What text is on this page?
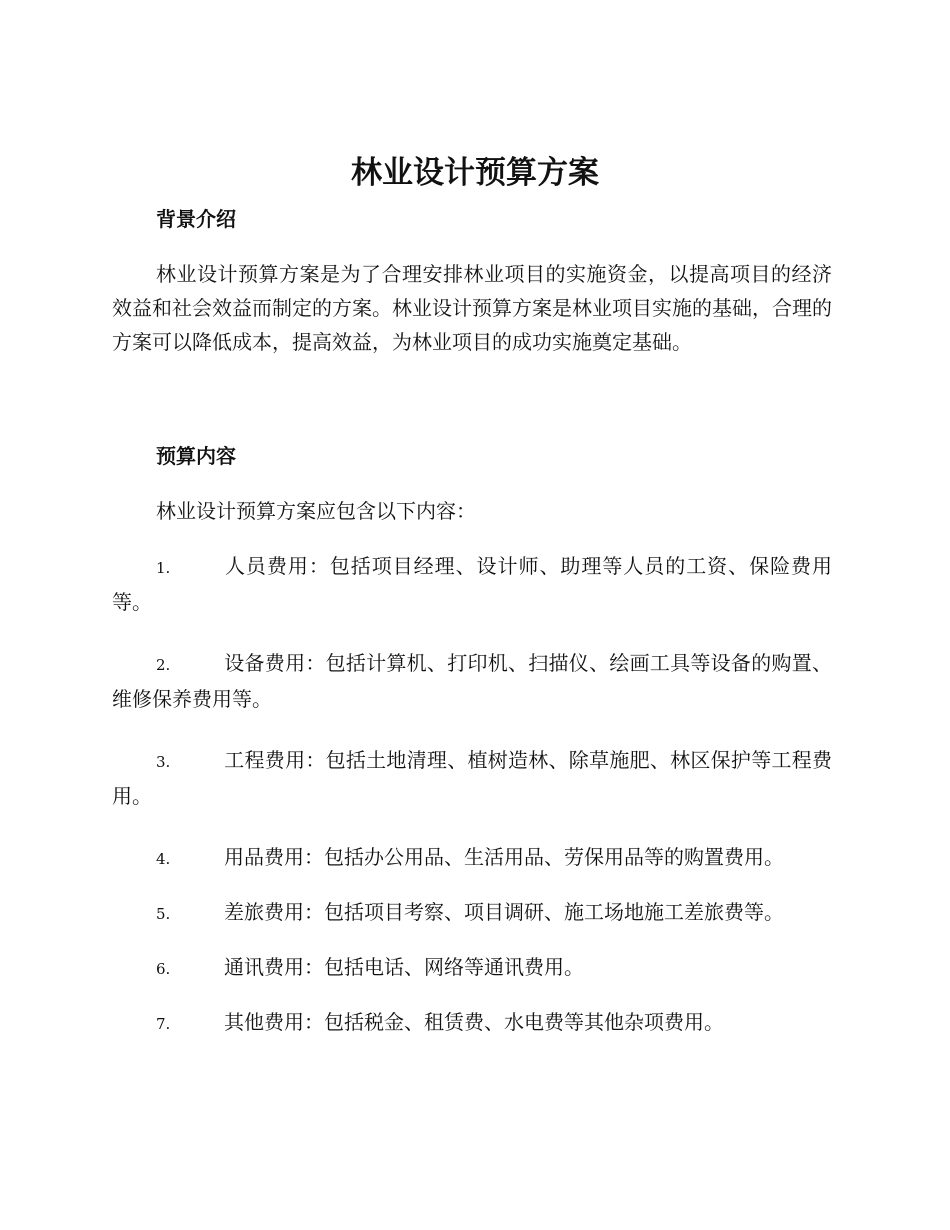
林业设计预算方案
背景介绍

林业设计预算方案是为了合理安排林业项目的实施资金，以提高项目的经济效益和社会效益而制定的方案。林业设计预算方案是林业项目实施的基础，合理的方案可以降低成本，提高效益，为林业项目的成功实施奠定基础。

预算内容

林业设计预算方案应包含以下内容：

1.	人员费用：包括项目经理、设计师、助理等人员的工资、保险费用等。

2.	设备费用：包括计算机、打印机、扫描仪、绘画工具等设备的购置、维修保养费用等。

3.	工程费用：包括土地清理、植树造林、除草施肥、林区保护等工程费用。

4.	用品费用：包括办公用品、生活用品、劳保用品等的购置费用。

5.	差旅费用：包括项目考察、项目调研、施工场地施工差旅费等。

6.	通讯费用：包括电话、网络等通讯费用。

7.	其他费用：包括税金、租赁费、水电费等其他杂项费用。
